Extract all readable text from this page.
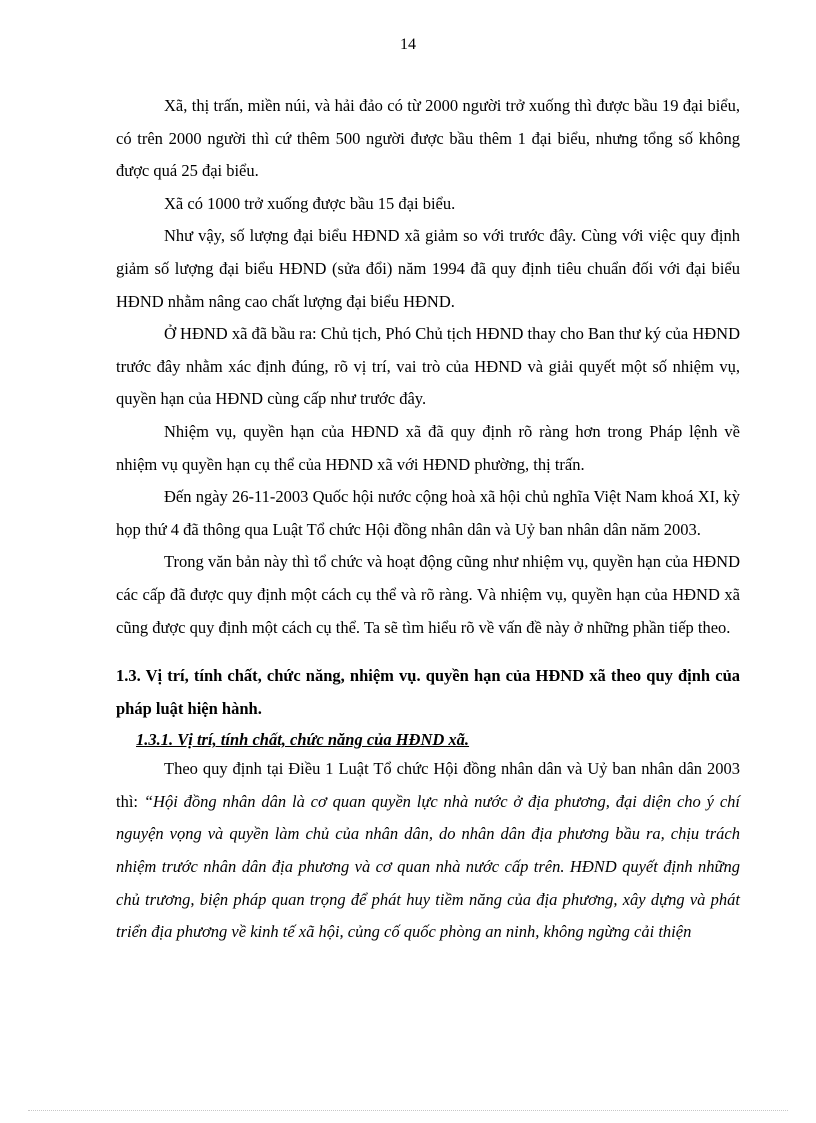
14

Xã, thị trấn, miền núi, và hải đảo có từ 2000 người trở xuống thì được bầu 19 đại biểu, có trên 2000 người thì cứ thêm 500 người được bầu thêm 1 đại biểu, nhưng tổng số không được quá 25 đại biểu.

Xã có 1000 trở xuống được bầu 15 đại biểu.

Như vậy, số lượng đại biểu HĐND xã giảm so với trước đây. Cùng với việc quy định giảm số lượng đại biểu HĐND (sửa đổi) năm 1994 đã quy định tiêu chuẩn đối với đại biểu HĐND nhằm nâng cao chất lượng đại biểu HĐND.

Ở HĐND xã đã bầu ra: Chủ tịch, Phó Chủ tịch HĐND thay cho Ban thư ký của HĐND trước đây nhằm xác định đúng, rõ vị trí, vai trò của HĐND và giải quyết một số nhiệm vụ, quyền hạn của HĐND cùng cấp như trước đây.

Nhiệm vụ, quyền hạn của HĐND xã đã quy định rõ ràng hơn trong Pháp lệnh về nhiệm vụ quyền hạn cụ thể của HĐND xã với HĐND phường, thị trấn.

Đến ngày 26-11-2003 Quốc hội nước cộng hoà xã hội chủ nghĩa Việt Nam khoá XI, kỳ họp thứ 4 đã thông qua Luật Tổ chức Hội đồng nhân dân và Uỷ ban nhân dân năm 2003.

Trong văn bản này thì tổ chức và hoạt động cũng như nhiệm vụ, quyền hạn của HĐND các cấp đã được quy định một cách cụ thể và rõ ràng. Và nhiệm vụ, quyền hạn của HĐND xã cũng được quy định một cách cụ thể. Ta sẽ tìm hiểu rõ về vấn đề này ở những phần tiếp theo.

1.3. Vị trí, tính chất, chức năng, nhiệm vụ. quyền hạn của HĐND xã theo quy định của pháp luật hiện hành.
1.3.1. Vị trí, tính chất, chức năng của HĐND xã.

Theo quy định tại Điều 1 Luật Tổ chức Hội đồng nhân dân và Uỷ ban nhân dân 2003 thì: “Hội đồng nhân dân là cơ quan quyền lực nhà nước ở địa phương, đại diện cho ý chí nguyện vọng và quyền làm chủ của nhân dân, do nhân dân địa phương bầu ra, chịu trách nhiệm trước nhân dân địa phương và cơ quan nhà nước cấp trên. HĐND quyết định những chủ trương, biện pháp quan trọng để phát huy tiềm năng của địa phương, xây dựng và phát triển địa phương về kinh tế xã hội, củng cố quốc phòng an ninh, không ngừng cải thiện
